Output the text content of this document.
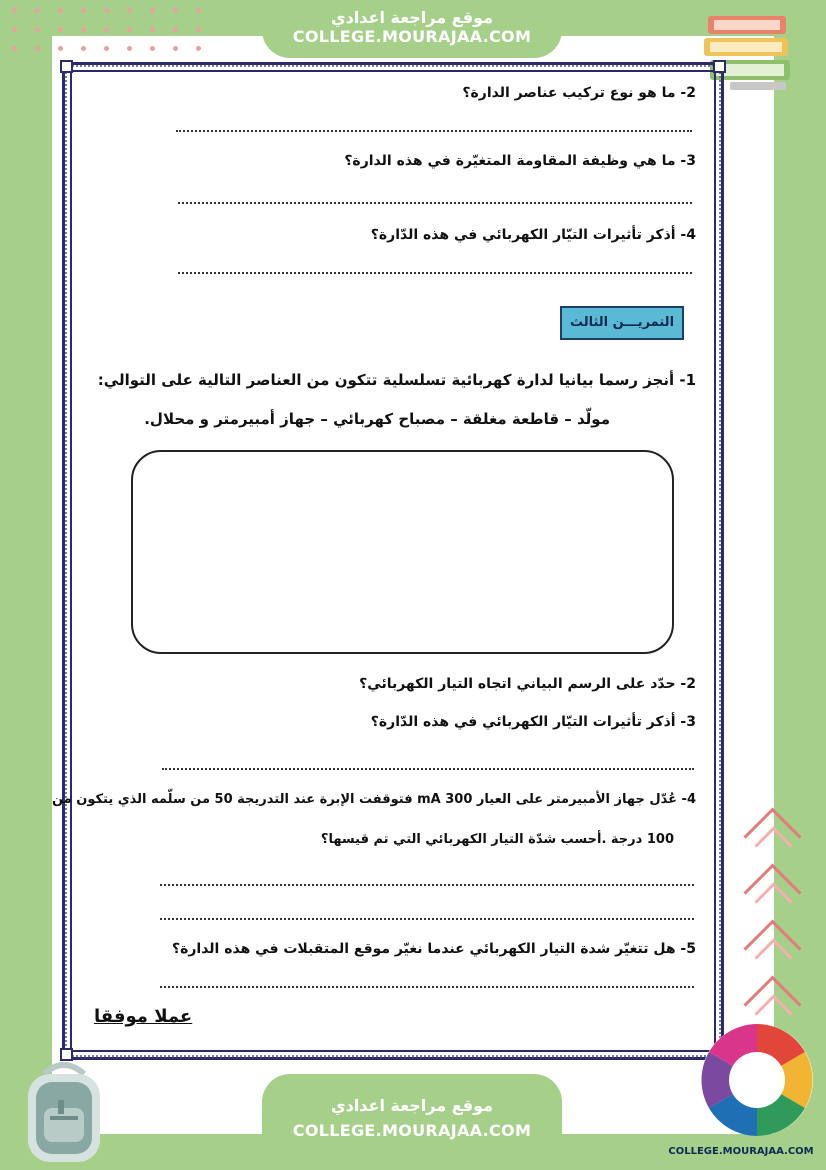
موقع مراجعة اعدادي
COLLEGE.MOURAJAA.COM
2- ما هو نوع تركيب عناصر الدارة؟
3- ما هي وظيفة المقاومة المتغيّرة في هذه الدارة؟
4- أذكر تأثيرات التيّار الكهربائي في هذه الدّارة؟
التمريـــن الثالث
1- أنجز رسما بيانيا لدارة كهربائية تسلسلية تتكون من العناصر التالية على التوالي:
مولّد – قاطعة مغلقة – مصباح كهربائي – جهاز أمبيرمتر و محلال.
2- حدّد على الرسم البياني اتجاه التيار الكهربائي؟
3- أذكر تأثيرات التيّار الكهربائي في هذه الدّارة؟
4- عُدّل جهاز الأمبيرمتر على العيار 300 mA فتوقفت الإبرة عند التدريجة 50 من سلّمه الذي يتكون من
100 درجة .أحسب شدّة التيار الكهربائي التي تم قيسها؟
5- هل تتغيّر شدة التيار الكهربائي عندما نغيّر موقع المتقبلات في هذه الدارة؟
عملا موفقا
موقع مراجعة اعدادي
COLLEGE.MOURAJAA.COM
COLLEGE.MOURAJAA.COM
